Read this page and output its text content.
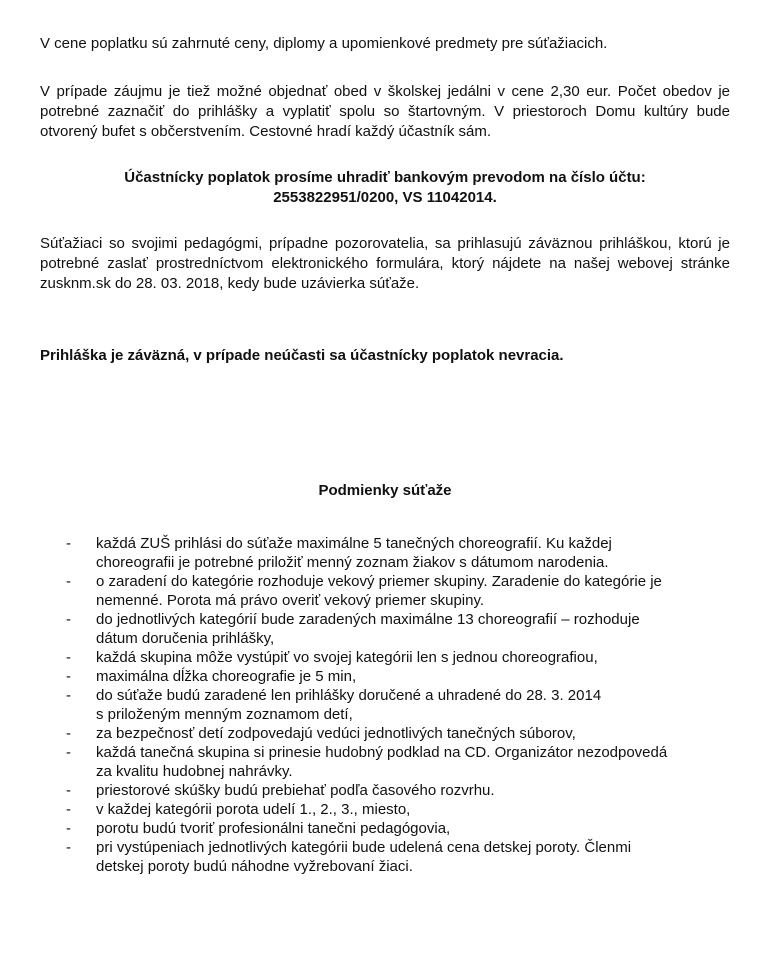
V cene poplatku sú zahrnuté ceny, diplomy a upomienkové predmety pre súťažiacich.

V prípade záujmu je tiež možné objednať obed v školskej jedálni v cene 2,30 eur. Počet obedov je potrebné zaznačiť do prihlášky a vyplatiť spolu so štartovným. V priestoroch Domu kultúry bude otvorený bufet s občerstvením. Cestovné hradí každý účastník sám.

Účastnícky poplatok prosíme uhradiť bankovým prevodom na číslo účtu:
2553822951/0200, VS 11042014.

Súťažiaci so svojimi pedagógmi, prípadne pozorovatelia, sa prihlasujú záväznou prihláškou, ktorú je potrebné zaslať prostredníctvom elektronického formulára, ktorý nájdete na našej webovej stránke zusknm.sk do 28. 03. 2018, kedy bude uzávierka súťaže.

Prihláška je záväzná, v prípade neúčasti sa účastnícky poplatok nevracia.

Podmienky súťaže

- každá ZUŠ prihlási do súťaže maximálne 5 tanečných choreografií. Ku každej
choreografii je potrebné priložiť menný zoznam žiakov s dátumom narodenia.
- o zaradení do kategórie rozhoduje vekový priemer skupiny. Zaradenie do kategórie je
nemenné. Porota má právo overiť vekový priemer skupiny.
- do jednotlivých kategórií bude zaradených maximálne 13 choreografií – rozhoduje
dátum doručenia prihlášky,
- každá skupina môže vystúpiť vo svojej kategórii len s jednou choreografiou,
- maximálna dĺžka choreografie je 5 min,
- do súťaže budú zaradené len prihlášky doručené a uhradené do 28. 3. 2014
s priloženým menným zoznamom detí,
- za bezpečnosť detí zodpovedajú vedúci jednotlivých tanečných súborov,
- každá tanečná skupina si prinesie hudobný podklad na CD. Organizátor nezodpovedá
za kvalitu hudobnej nahrávky.
- priestorové skúšky budú prebiehať podľa časového rozvrhu.
- v každej kategórii porota udelí 1., 2., 3., miesto,
- porotu budú tvoriť profesionálni tanečni pedagógovia,
- pri vystúpeniach jednotlivých kategórii bude udelená cena detskej poroty. Členmi
detskej poroty budú náhodne vyžrebovaní žiaci.
